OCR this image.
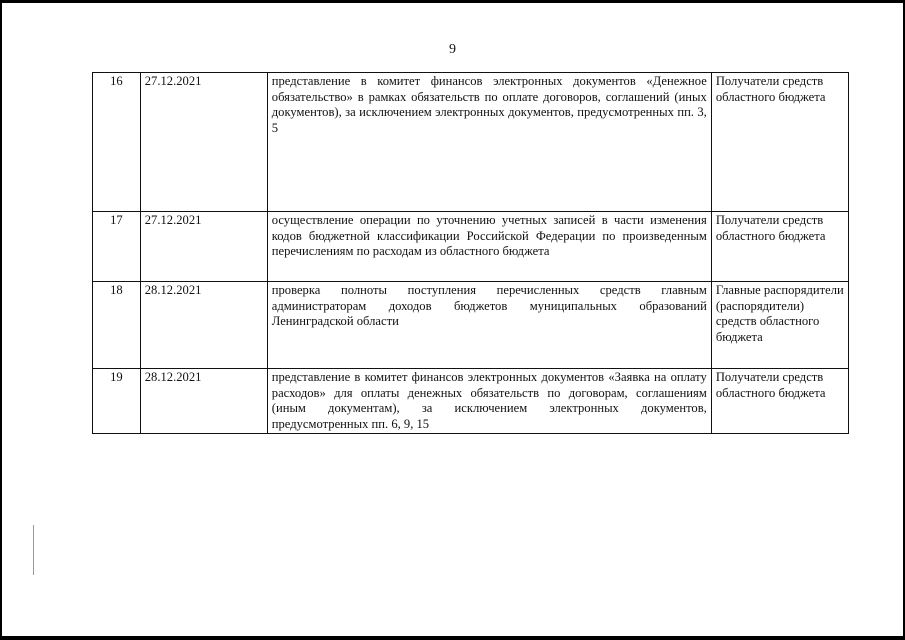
9
16	27.12.2021	представление в комитет финансов электронных документов «Денежное обязательство» в рамках обязательств по оплате договоров, соглашений (иных документов), за исключением электронных документов, предусмотренных пп. 3, 5	Получатели средств областного бюджета
17	27.12.2021	осуществление операции по уточнению учетных записей в части изменения кодов бюджетной классификации Российской Федерации по произведенным перечислениям по расходам из областного бюджета	Получатели средств областного бюджета
18	28.12.2021	проверка полноты поступления перечисленных средств главным администраторам доходов бюджетов муниципальных образований Ленинградской области	Главные распорядители (распорядители) средств областного бюджета
19	28.12.2021	представление в комитет финансов электронных документов «Заявка на оплату расходов» для оплаты денежных обязательств по договорам, соглашениям (иным документам), за исключением электронных документов, предусмотренных пп. 6, 9, 15	Получатели средств областного бюджета
